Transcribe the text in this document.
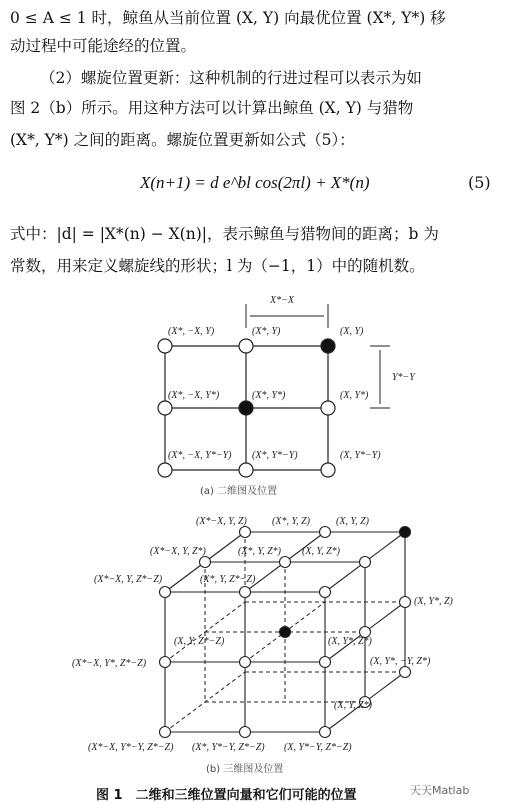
0 ≤ A ≤ 1 时，鲸鱼从当前位置 (X, Y) 向最优位置 (X*, Y*) 移
动过程中可能途经的位置。
（2）螺旋位置更新：这种机制的行进过程可以表示为如
图 2（b）所示。用这种方法可以计算出鲸鱼 (X, Y) 与猎物
(X*, Y*) 之间的距离。螺旋位置更新如公式（5）：
X(n+1) = d e^bl cos(2πl) + X*(n)	(5)
式中：|d| = |X*(n) − X(n)|，表示鲸鱼与猎物间的距离；b 为
常数，用来定义螺旋线的形状；l 为（−1，1）中的随机数。
X*−X
Y*−Y
(X*, −X, Y)	(X*, Y)	(X, Y)
(X*, −X, Y*)	(X*, Y*)	(X, Y*)
(X*, −X, Y*−Y) (X*, Y*−Y)	(X, Y*−Y)
(a) 二维图及位置
(X*−X, Y, Z)	(X*, Y, Z)	(X, Y, Z)
(X*−X, Y, Z*)	(X*, Y, Z*) (X, Y, Z*)
(X*−X, Y, Z*−Z)	(X*, Y, Z*−Z)
(X, Y*, Z)
(X, Y, Z*−Z)	(X, Y*, Z*)
(X*−X, Y*, Z*−Z)	(X, Y*, −Y, Z*)
(X, Y, Z*)
(X*−X, Y*−Y, Z*−Z) (X*, Y*−Y, Z*−Z) (X, Y*−Y, Z*−Z)
(b) 三维图及位置
图 1　二维和三维位置向量和它们可能的位置	天天Matlab
